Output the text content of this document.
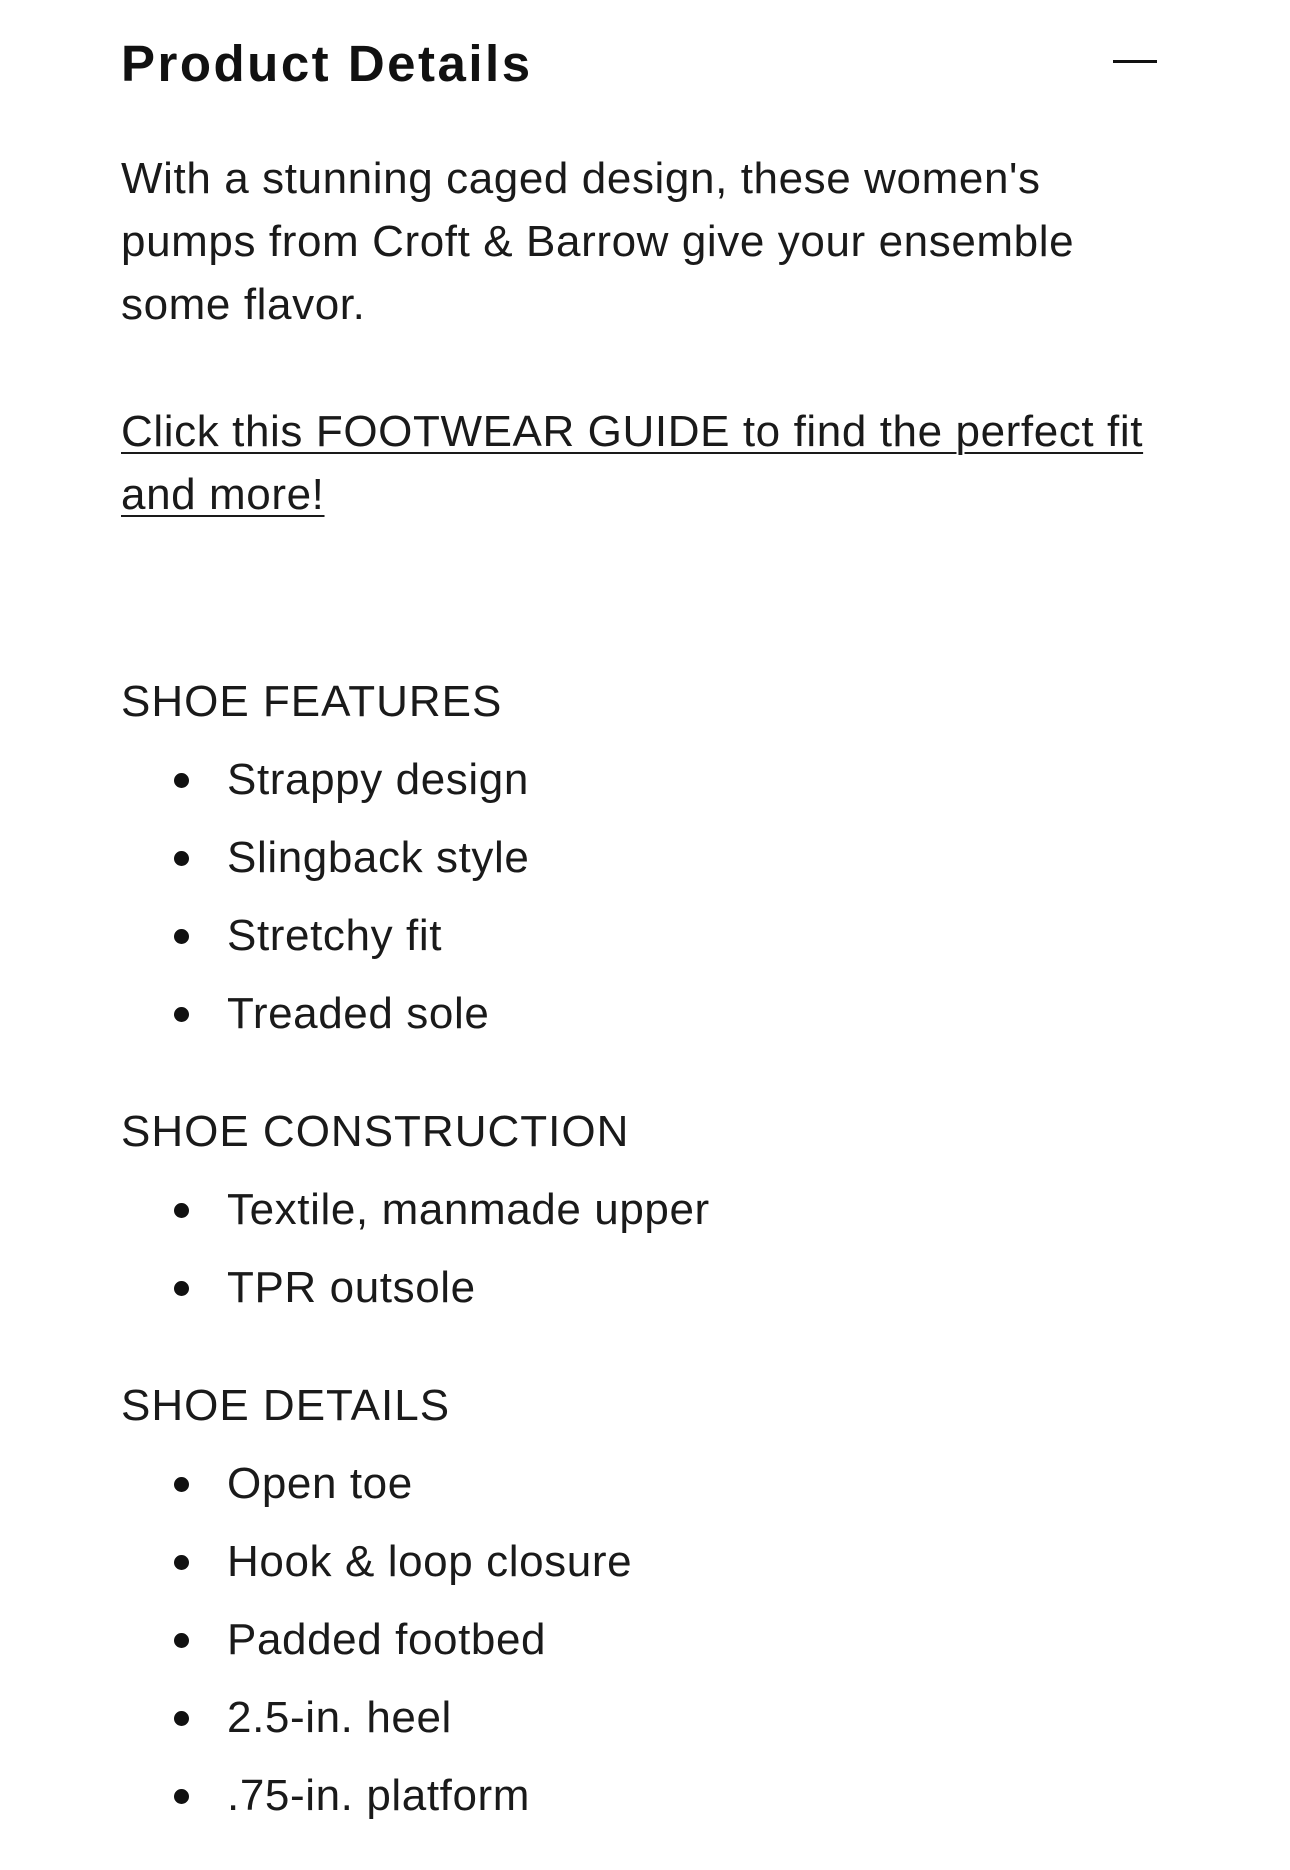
Product Details

With a stunning caged design, these women's pumps from Croft & Barrow give your ensemble some flavor.

Click this FOOTWEAR GUIDE to find the perfect fit and more!
SHOE FEATURES
Strappy design
Slingback style
Stretchy fit
Treaded sole
SHOE CONSTRUCTION
Textile, manmade upper
TPR outsole
SHOE DETAILS
Open toe
Hook & loop closure
Padded footbed
2.5-in. heel
.75-in. platform
